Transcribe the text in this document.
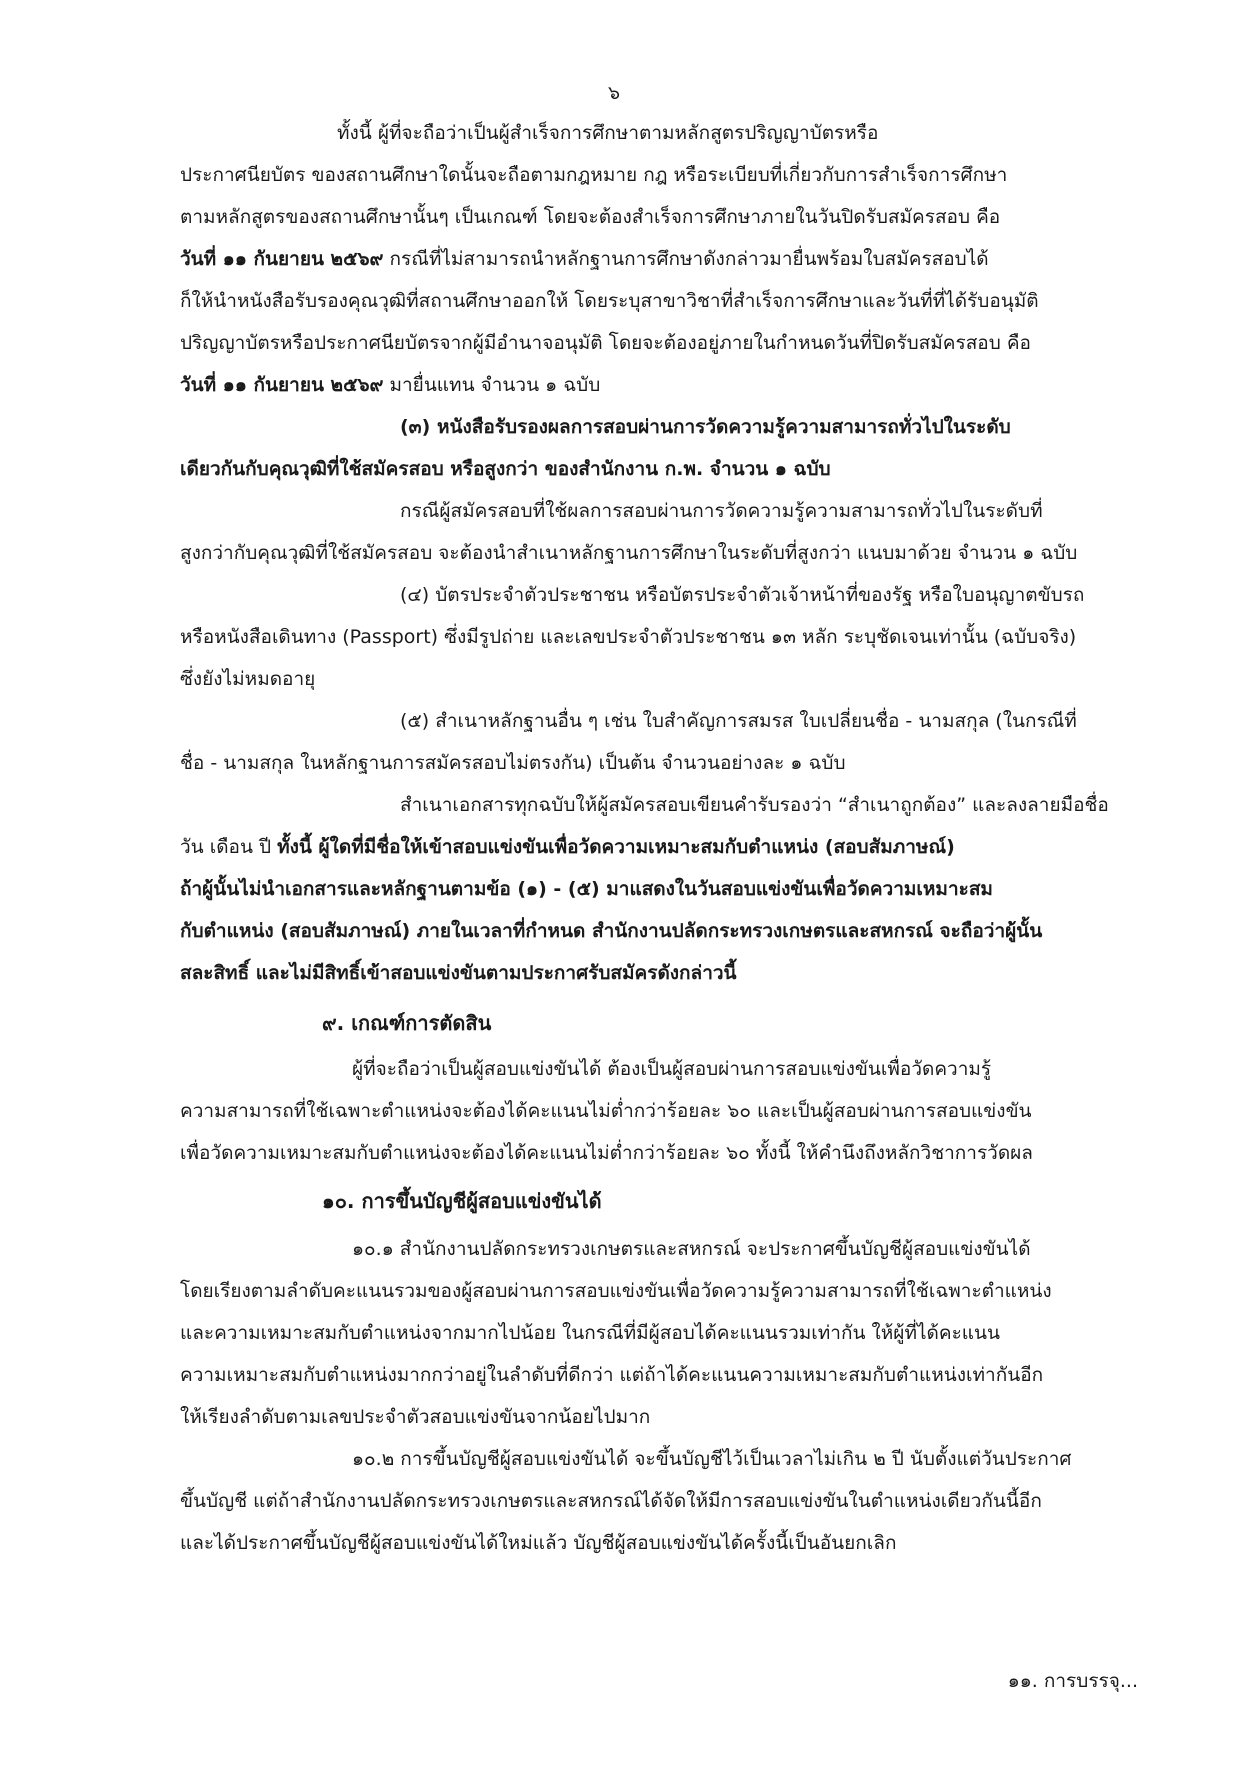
๖

ทั้งนี้ ผู้ที่จะถือว่าเป็นผู้สำเร็จการศึกษาตามหลักสูตรปริญญาบัตรหรือ

ประกาศนียบัตร ของสถานศึกษาใดนั้นจะถือตามกฎหมาย กฎ หรือระเบียบที่เกี่ยวกับการสำเร็จการศึกษา

ตามหลักสูตรของสถานศึกษานั้นๆ เป็นเกณฑ์ โดยจะต้องสำเร็จการศึกษาภายในวันปิดรับสมัครสอบ คือ

วันที่ ๑๑ กันยายน ๒๕๖๙ กรณีที่ไม่สามารถนำหลักฐานการศึกษาดังกล่าวมายื่นพร้อมใบสมัครสอบได้

ก็ให้นำหนังสือรับรองคุณวุฒิที่สถานศึกษาออกให้ โดยระบุสาขาวิชาที่สำเร็จการศึกษาและวันที่ที่ได้รับอนุมัติ

ปริญญาบัตรหรือประกาศนียบัตรจากผู้มีอำนาจอนุมัติ โดยจะต้องอยู่ภายในกำหนดวันที่ปิดรับสมัครสอบ คือ

วันที่ ๑๑ กันยายน ๒๕๖๙ มายื่นแทน จำนวน ๑ ฉบับ

(๓) หนังสือรับรองผลการสอบผ่านการวัดความรู้ความสามารถทั่วไปในระดับ

เดียวกันกับคุณวุฒิที่ใช้สมัครสอบ หรือสูงกว่า ของสำนักงาน ก.พ. จำนวน ๑ ฉบับ

กรณีผู้สมัครสอบที่ใช้ผลการสอบผ่านการวัดความรู้ความสามารถทั่วไปในระดับที่

สูงกว่ากับคุณวุฒิที่ใช้สมัครสอบ จะต้องนำสำเนาหลักฐานการศึกษาในระดับที่สูงกว่า แนบมาด้วย จำนวน ๑ ฉบับ

(๔) บัตรประจำตัวประชาชน หรือบัตรประจำตัวเจ้าหน้าที่ของรัฐ หรือใบอนุญาตขับรถ

หรือหนังสือเดินทาง (Passport) ซึ่งมีรูปถ่าย และเลขประจำตัวประชาชน ๑๓ หลัก ระบุชัดเจนเท่านั้น (ฉบับจริง)

ซึ่งยังไม่หมดอายุ

(๕) สำเนาหลักฐานอื่น ๆ เช่น ใบสำคัญการสมรส ใบเปลี่ยนชื่อ - นามสกุล (ในกรณีที่

ชื่อ - นามสกุล ในหลักฐานการสมัครสอบไม่ตรงกัน) เป็นต้น จำนวนอย่างละ ๑ ฉบับ

สำเนาเอกสารทุกฉบับให้ผู้สมัครสอบเขียนคำรับรองว่า “สำเนาถูกต้อง” และลงลายมือชื่อ

วัน เดือน ปี ทั้งนี้ ผู้ใดที่มีชื่อให้เข้าสอบแข่งขันเพื่อวัดความเหมาะสมกับตำแหน่ง (สอบสัมภาษณ์)

ถ้าผู้นั้นไม่นำเอกสารและหลักฐานตามข้อ (๑) - (๕) มาแสดงในวันสอบแข่งขันเพื่อวัดความเหมาะสม

กับตำแหน่ง (สอบสัมภาษณ์) ภายในเวลาที่กำหนด สำนักงานปลัดกระทรวงเกษตรและสหกรณ์ จะถือว่าผู้นั้น

สละสิทธิ์ และไม่มีสิทธิ์เข้าสอบแข่งขันตามประกาศรับสมัครดังกล่าวนี้

๙. เกณฑ์การตัดสิน

ผู้ที่จะถือว่าเป็นผู้สอบแข่งขันได้ ต้องเป็นผู้สอบผ่านการสอบแข่งขันเพื่อวัดความรู้

ความสามารถที่ใช้เฉพาะตำแหน่งจะต้องได้คะแนนไม่ต่ำกว่าร้อยละ ๖๐ และเป็นผู้สอบผ่านการสอบแข่งขัน

เพื่อวัดความเหมาะสมกับตำแหน่งจะต้องได้คะแนนไม่ต่ำกว่าร้อยละ ๖๐ ทั้งนี้ ให้คำนึงถึงหลักวิชาการวัดผล

๑๐. การขึ้นบัญชีผู้สอบแข่งขันได้

๑๐.๑ สำนักงานปลัดกระทรวงเกษตรและสหกรณ์ จะประกาศขึ้นบัญชีผู้สอบแข่งขันได้

โดยเรียงตามลำดับคะแนนรวมของผู้สอบผ่านการสอบแข่งขันเพื่อวัดความรู้ความสามารถที่ใช้เฉพาะตำแหน่ง

และความเหมาะสมกับตำแหน่งจากมากไปน้อย ในกรณีที่มีผู้สอบได้คะแนนรวมเท่ากัน ให้ผู้ที่ได้คะแนน

ความเหมาะสมกับตำแหน่งมากกว่าอยู่ในลำดับที่ดีกว่า แต่ถ้าได้คะแนนความเหมาะสมกับตำแหน่งเท่ากันอีก

ให้เรียงลำดับตามเลขประจำตัวสอบแข่งขันจากน้อยไปมาก

๑๐.๒ การขึ้นบัญชีผู้สอบแข่งขันได้ จะขึ้นบัญชีไว้เป็นเวลาไม่เกิน ๒ ปี นับตั้งแต่วันประกาศ

ขึ้นบัญชี แต่ถ้าสำนักงานปลัดกระทรวงเกษตรและสหกรณ์ได้จัดให้มีการสอบแข่งขันในตำแหน่งเดียวกันนี้อีก

และได้ประกาศขึ้นบัญชีผู้สอบแข่งขันได้ใหม่แล้ว บัญชีผู้สอบแข่งขันได้ครั้งนี้เป็นอันยกเลิก

๑๑. การบรรจุ...
